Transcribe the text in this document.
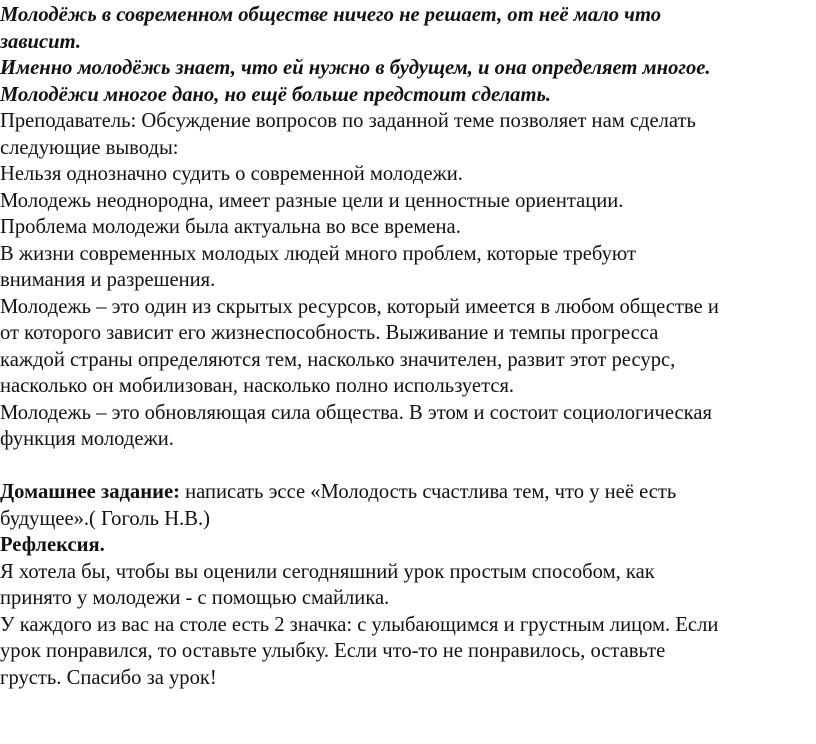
Молодёжь в современном обществе ничего не решает, от неё мало что
зависит.
Именно молодёжь знает, что ей нужно в будущем, и она определяет многое.
Молодёжи многое дано, но ещё больше предстоит сделать.
Преподаватель: Обсуждение вопросов по заданной теме позволяет нам сделать
следующие выводы:
Нельзя однозначно судить о современной молодежи.
Молодежь неоднородна, имеет разные цели и ценностные ориентации.
Проблема молодежи была актуальна во все времена.
В жизни современных молодых людей много проблем, которые требуют
внимания и разрешения.
Молодежь – это один из скрытых ресурсов, который имеется в любом обществе и
от которого зависит его жизнеспособность. Выживание и темпы прогресса
каждой страны определяются тем, насколько значителен, развит этот ресурс,
насколько он мобилизован, насколько полно используется.
Молодежь – это обновляющая сила общества. В этом и состоит социологическая
функция молодежи.
Домашнее задание: написать эссе «Молодость счастлива тем, что у неё есть
будущее».( Гоголь Н.В.)
Рефлексия.
Я хотела бы, чтобы вы оценили сегодняшний урок простым способом, как
принято у молодежи - с помощью смайлика.
У каждого из вас на столе есть 2 значка: с улыбающимся и грустным лицом. Если
урок понравился, то оставьте улыбку. Если что-то не понравилось, оставьте
грусть. Спасибо за урок!
